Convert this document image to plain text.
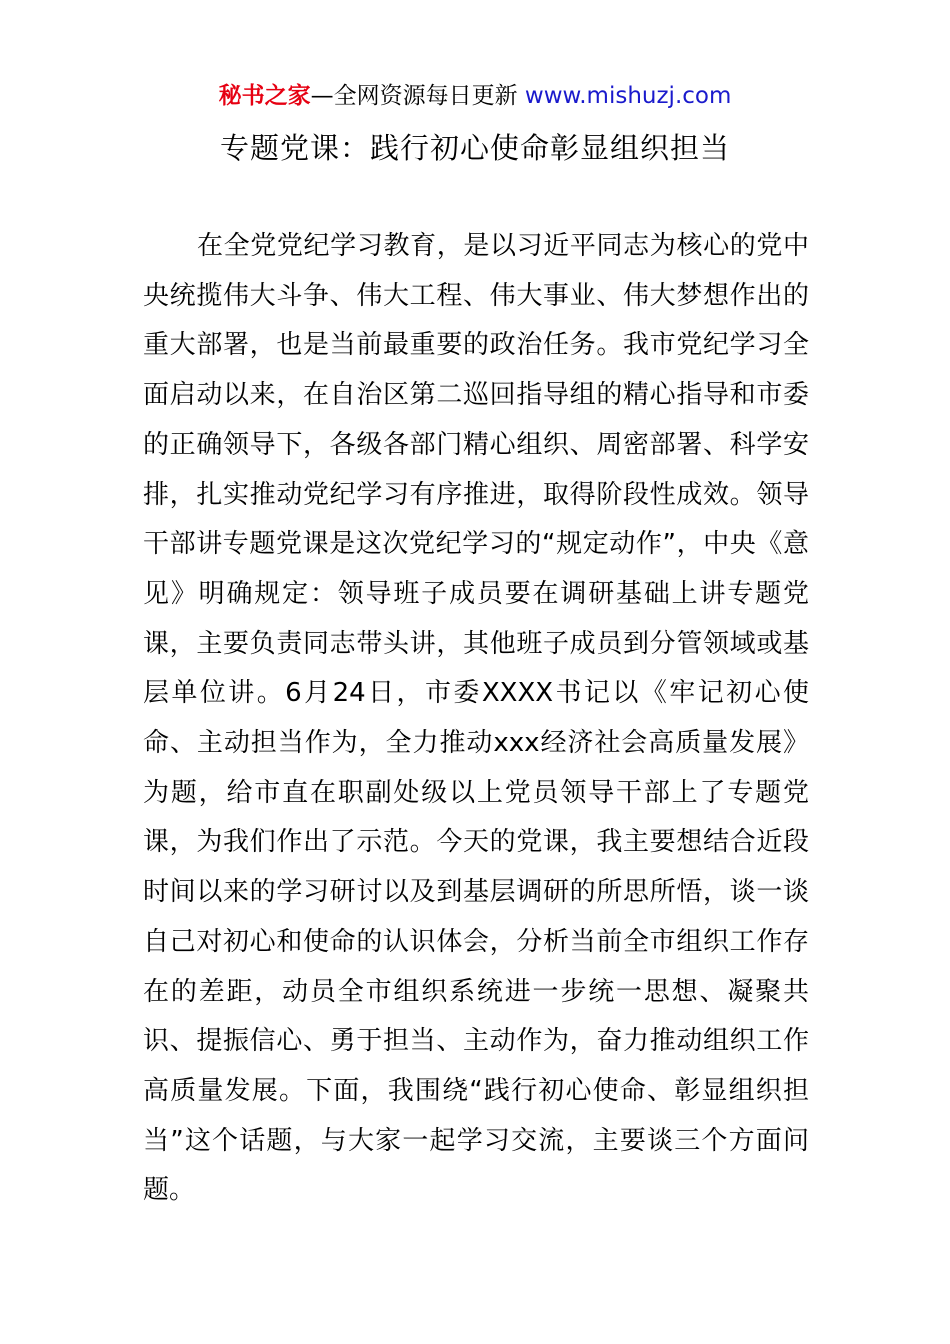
秘书之家—全网资源每日更新 www.mishuzj.com
专题党课：践行初心使命彰显组织担当

在全党党纪学习教育，是以习近平同志为核心的党中央统揽伟大斗争、伟大工程、伟大事业、伟大梦想作出的重大部署，也是当前最重要的政治任务。我市党纪学习全面启动以来，在自治区第二巡回指导组的精心指导和市委的正确领导下，各级各部门精心组织、周密部署、科学安排，扎实推动党纪学习有序推进，取得阶段性成效。领导干部讲专题党课是这次党纪学习的“规定动作”，中央《意见》明确规定：领导班子成员要在调研基础上讲专题党课，主要负责同志带头讲，其他班子成员到分管领域或基层单位讲。6月24日，市委XXXX书记以《牢记初心使命、主动担当作为，全力推动xxx经济社会高质量发展》为题，给市直在职副处级以上党员领导干部上了专题党课，为我们作出了示范。今天的党课，我主要想结合近段时间以来的学习研讨以及到基层调研的所思所悟，谈一谈自己对初心和使命的认识体会，分析当前全市组织工作存在的差距，动员全市组织系统进一步统一思想、凝聚共识、提振信心、勇于担当、主动作为，奋力推动组织工作高质量发展。下面，我围绕“践行初心使命、彰显组织担当”这个话题，与大家一起学习交流，主要谈三个方面问题。
